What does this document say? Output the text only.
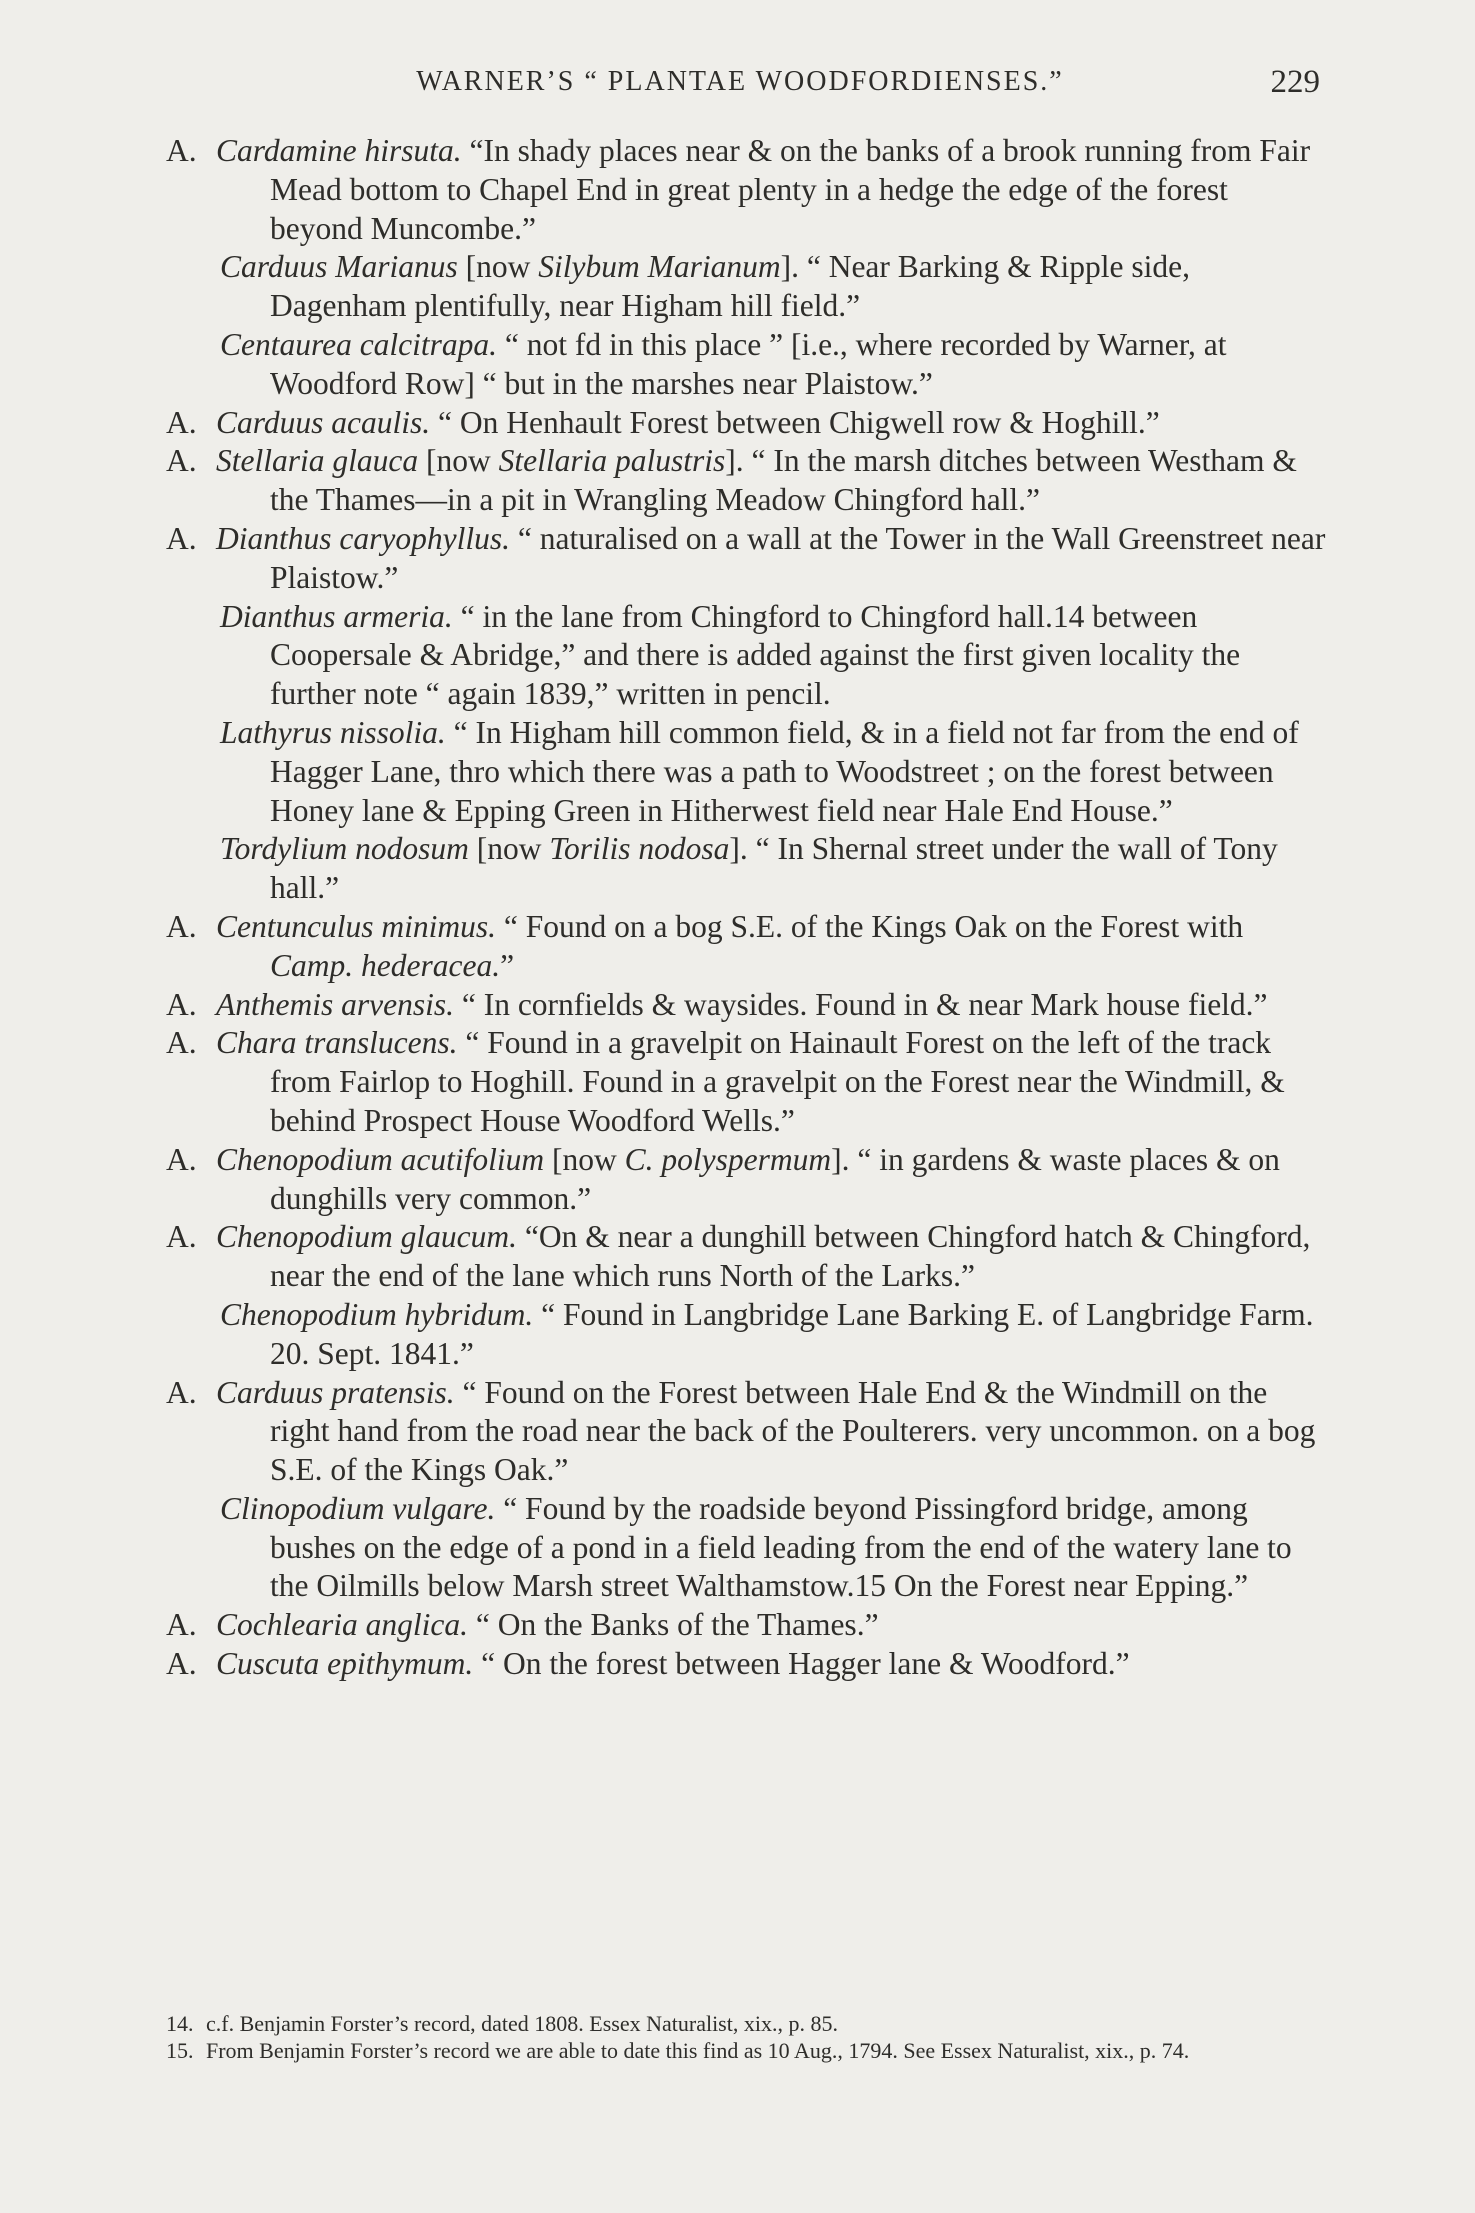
WARNER’S “ PLANTAE WOODFORDIENSES.”	229

A. Cardamine hirsuta. “In shady places near & on the banks of a brook running from Fair Mead bottom to Chapel End in great plenty in a hedge the edge of the forest beyond Muncombe.”

Carduus Marianus [now Silybum Marianum]. “ Near Barking & Ripple side, Dagenham plentifully, near Higham hill field.”

Centaurea calcitrapa. “ not fd in this place ” [i.e., where recorded by Warner, at Woodford Row] “ but in the marshes near Plaistow.”

A. Carduus acaulis. “ On Henhault Forest between Chigwell row & Hoghill.”

A. Stellaria glauca [now Stellaria palustris]. “ In the marsh ditches between Westham & the Thames—in a pit in Wrangling Meadow Chingford hall.”

A. Dianthus caryophyllus. “ naturalised on a wall at the Tower in the Wall Greenstreet near Plaistow.”

Dianthus armeria. “ in the lane from Chingford to Chingford hall.14 between Coopersale & Abridge,” and there is added against the first given locality the further note “ again 1839,” written in pencil.

Lathyrus nissolia. “ In Higham hill common field, & in a field not far from the end of Hagger Lane, thro which there was a path to Woodstreet ; on the forest between Honey lane & Epping Green in Hitherwest field near Hale End House.”

Tordylium nodosum [now Torilis nodosa]. “ In Shernal street under the wall of Tony hall.”

A. Centunculus minimus. “ Found on a bog S.E. of the Kings Oak on the Forest with Camp. hederacea.”

A. Anthemis arvensis. “ In cornfields & waysides. Found in & near Mark house field.”

A. Chara translucens. “ Found in a gravelpit on Hainault Forest on the left of the track from Fairlop to Hoghill. Found in a gravelpit on the Forest near the Windmill, & behind Prospect House Woodford Wells.”

A. Chenopodium acutifolium [now C. polyspermum]. “ in gardens & waste places & on dunghills very common.”

A. Chenopodium glaucum. “On & near a dunghill between Chingford hatch & Chingford, near the end of the lane which runs North of the Larks.”

Chenopodium hybridum. “ Found in Langbridge Lane Barking E. of Langbridge Farm. 20. Sept. 1841.”

A. Carduus pratensis. “ Found on the Forest between Hale End & the Windmill on the right hand from the road near the back of the Poulterers. very uncommon. on a bog S.E. of the Kings Oak.”

Clinopodium vulgare. “ Found by the roadside beyond Pissingford bridge, among bushes on the edge of a pond in a field leading from the end of the watery lane to the Oilmills below Marsh street Walthamstow.15 On the Forest near Epping.”

A. Cochlearia anglica. “ On the Banks of the Thames.”

A. Cuscuta epithymum. “ On the forest between Hagger lane & Woodford.”

14. c.f. Benjamin Forster’s record, dated 1808. Essex Naturalist, xix., p. 85.

15. From Benjamin Forster’s record we are able to date this find as 10 Aug., 1794. See Essex Naturalist, xix., p. 74.
